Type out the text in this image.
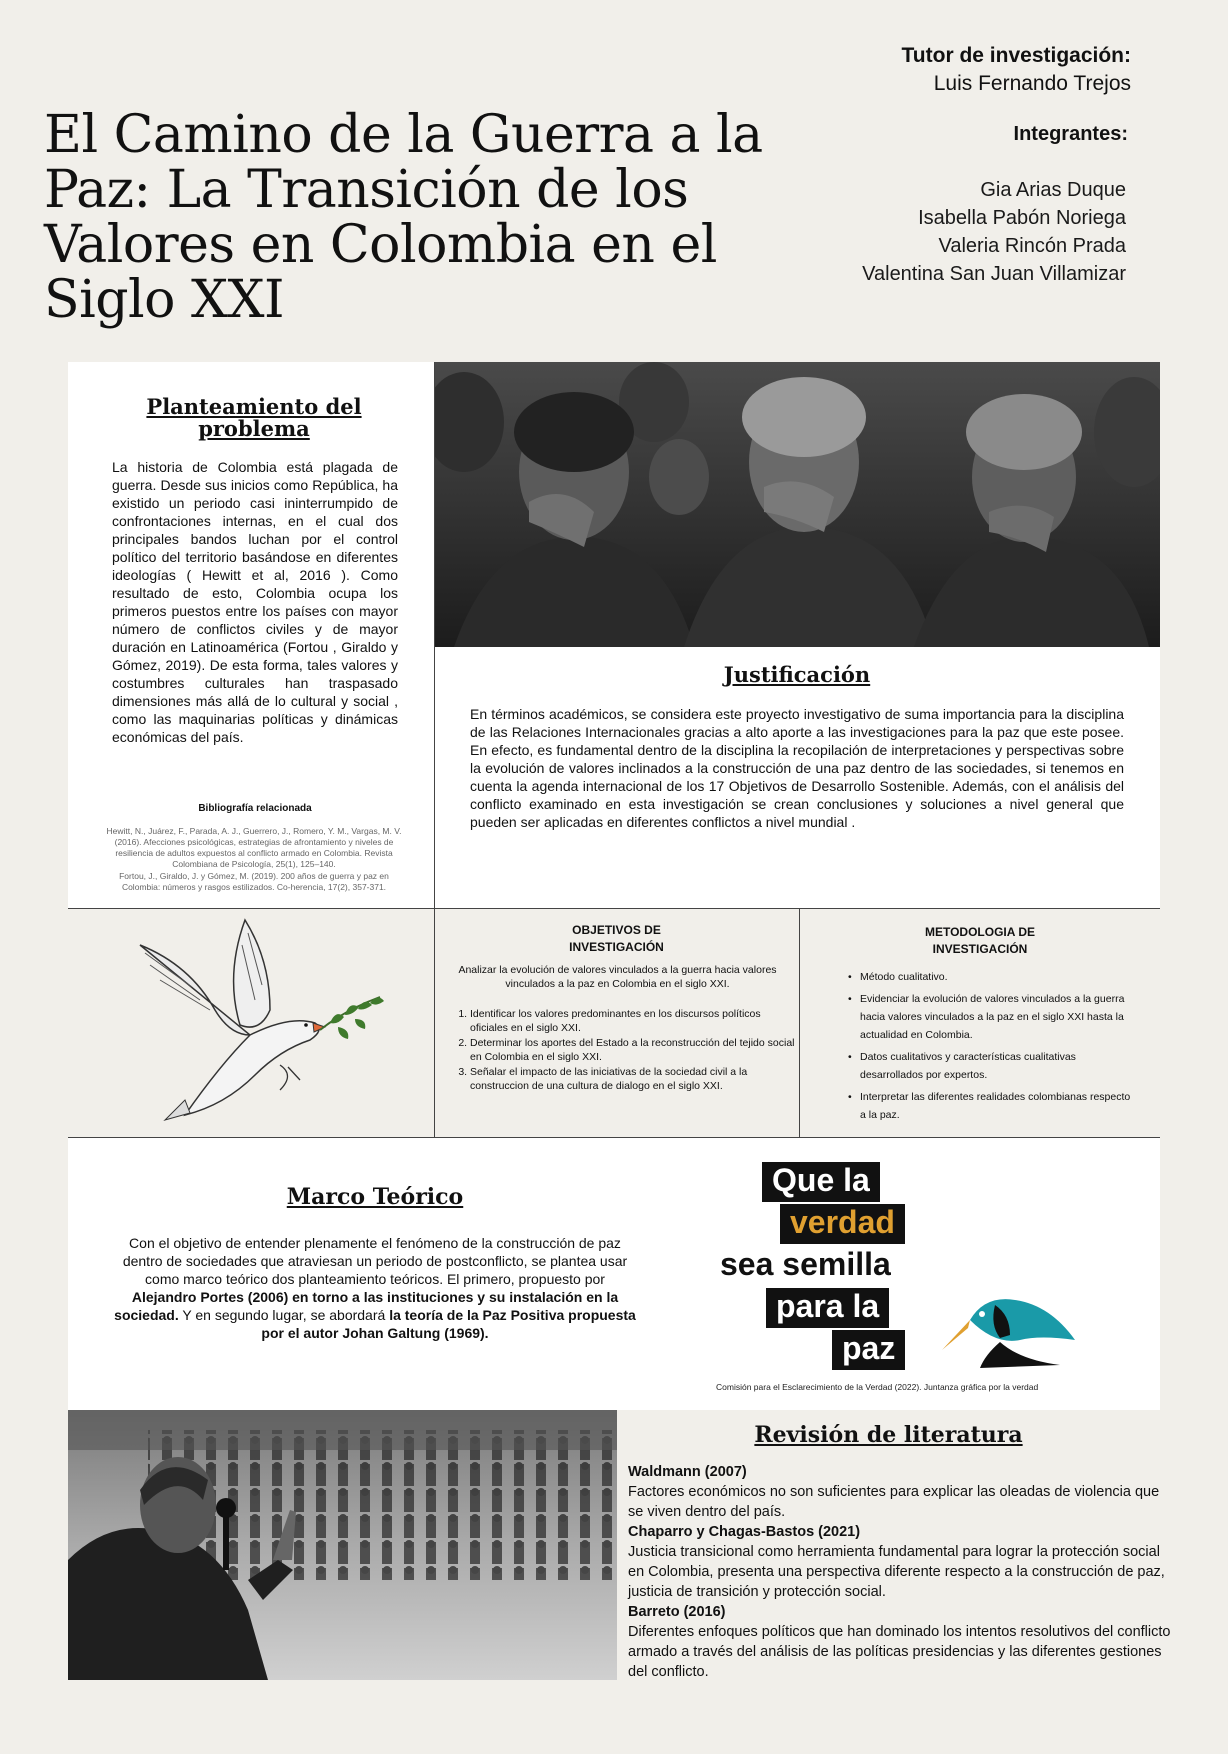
El Camino de la Guerra a la Paz: La Transición de los Valores en Colombia en el Siglo XXI
Tutor de investigación:
Luis Fernando Trejos
Integrantes:
Gia Arias Duque
Isabella Pabón Noriega
Valeria Rincón Prada
Valentina San Juan Villamizar
Planteamiento del
problema

La historia de Colombia está plagada de guerra. Desde sus inicios como República, ha existido un periodo casi ininterrumpido de confrontaciones internas, en el cual dos principales bandos luchan por el control político del territorio basándose en diferentes ideologías ( Hewitt et al, 2016 ). Como resultado de esto, Colombia ocupa los primeros puestos entre los países con mayor número de conflictos civiles y de mayor duración en Latinoamérica (Fortou , Giraldo y Gómez, 2019). De esta forma, tales valores y costumbres culturales han traspasado dimensiones más allá de lo cultural y social , como las maquinarias políticas y dinámicas económicas del país.

Bibliografía relacionada

Hewitt, N., Juárez, F., Parada, A. J., Guerrero, J., Romero, Y. M., Vargas, M. V. (2016). Afecciones psicológicas, estrategias de afrontamiento y niveles de resiliencia de adultos expuestos al conflicto armado en Colombia. Revista Colombiana de Psicología, 25(1), 125–140.

Fortou, J., Giraldo, J. y Gómez, M. (2019). 200 años de guerra y paz en Colombia: números y rasgos estilizados. Co-herencia, 17(2), 357-371.

Justificación

En términos académicos, se considera este proyecto investigativo de suma importancia para la disciplina de las Relaciones Internacionales gracias a alto aporte a las investigaciones para la paz que este posee. En efecto, es fundamental dentro de la disciplina la recopilación de interpretaciones y perspectivas sobre la evolución de valores inclinados a la construcción de una paz dentro de las sociedades, si tenemos en cuenta la agenda internacional de los 17 Objetivos de Desarrollo Sostenible. Además, con el análisis del conflicto examinado en esta investigación se crean conclusiones y soluciones a nivel general que pueden ser aplicadas en diferentes conflictos a nivel mundial .

OBJETIVOS DE
INVESTIGACIÓN

Analizar la evolución de valores vinculados a la guerra hacia valores vinculados a la paz en Colombia en el siglo XXI.

1. Identificar los valores predominantes en los discursos políticos oficiales en el siglo XXI.
2. Determinar los aportes del Estado a la reconstrucción del tejido social en Colombia en el siglo XXI.
3. Señalar el impacto de las iniciativas de la sociedad civil a la construccion de una cultura de dialogo en el siglo XXI.
METODOLOGIA DE
INVESTIGACIÓN
• Método cualitativo.
• Evidenciar la evolución de valores vinculados a la guerra hacia valores vinculados a la paz en el siglo XXI hasta la actualidad en Colombia.
• Datos cualitativos y características cualitativas desarrollados por expertos.
• Interpretar las diferentes realidades colombianas respecto a la paz.
Marco Teórico

Con el objetivo de entender plenamente el fenómeno de la construcción de paz dentro de sociedades que atraviesan un periodo de postconflicto, se plantea usar como marco teórico dos planteamiento teóricos. El primero, propuesto por Alejandro Portes (2006) en torno a las instituciones y su instalación en la sociedad. Y en segundo lugar, se abordará la teoría de la Paz Positiva propuesta por el autor Johan Galtung (1969).

Que la
verdad
sea semilla
para la
paz
Comisión para el Esclarecimiento de la Verdad (2022). Juntanza gráfica por la verdad
Revisión de literatura

Waldmann (2007)

Factores económicos no son suficientes para explicar las oleadas de violencia que se viven dentro del país.

Chaparro y Chagas-Bastos (2021)

Justicia transicional como herramienta fundamental para lograr la protección social en Colombia, presenta una perspectiva diferente respecto a la construcción de paz, justicia de transición y protección social.

Barreto (2016)

Diferentes enfoques políticos que han dominado los intentos resolutivos del conflicto armado a través del análisis de las políticas presidencias y las diferentes gestiones del conflicto.
